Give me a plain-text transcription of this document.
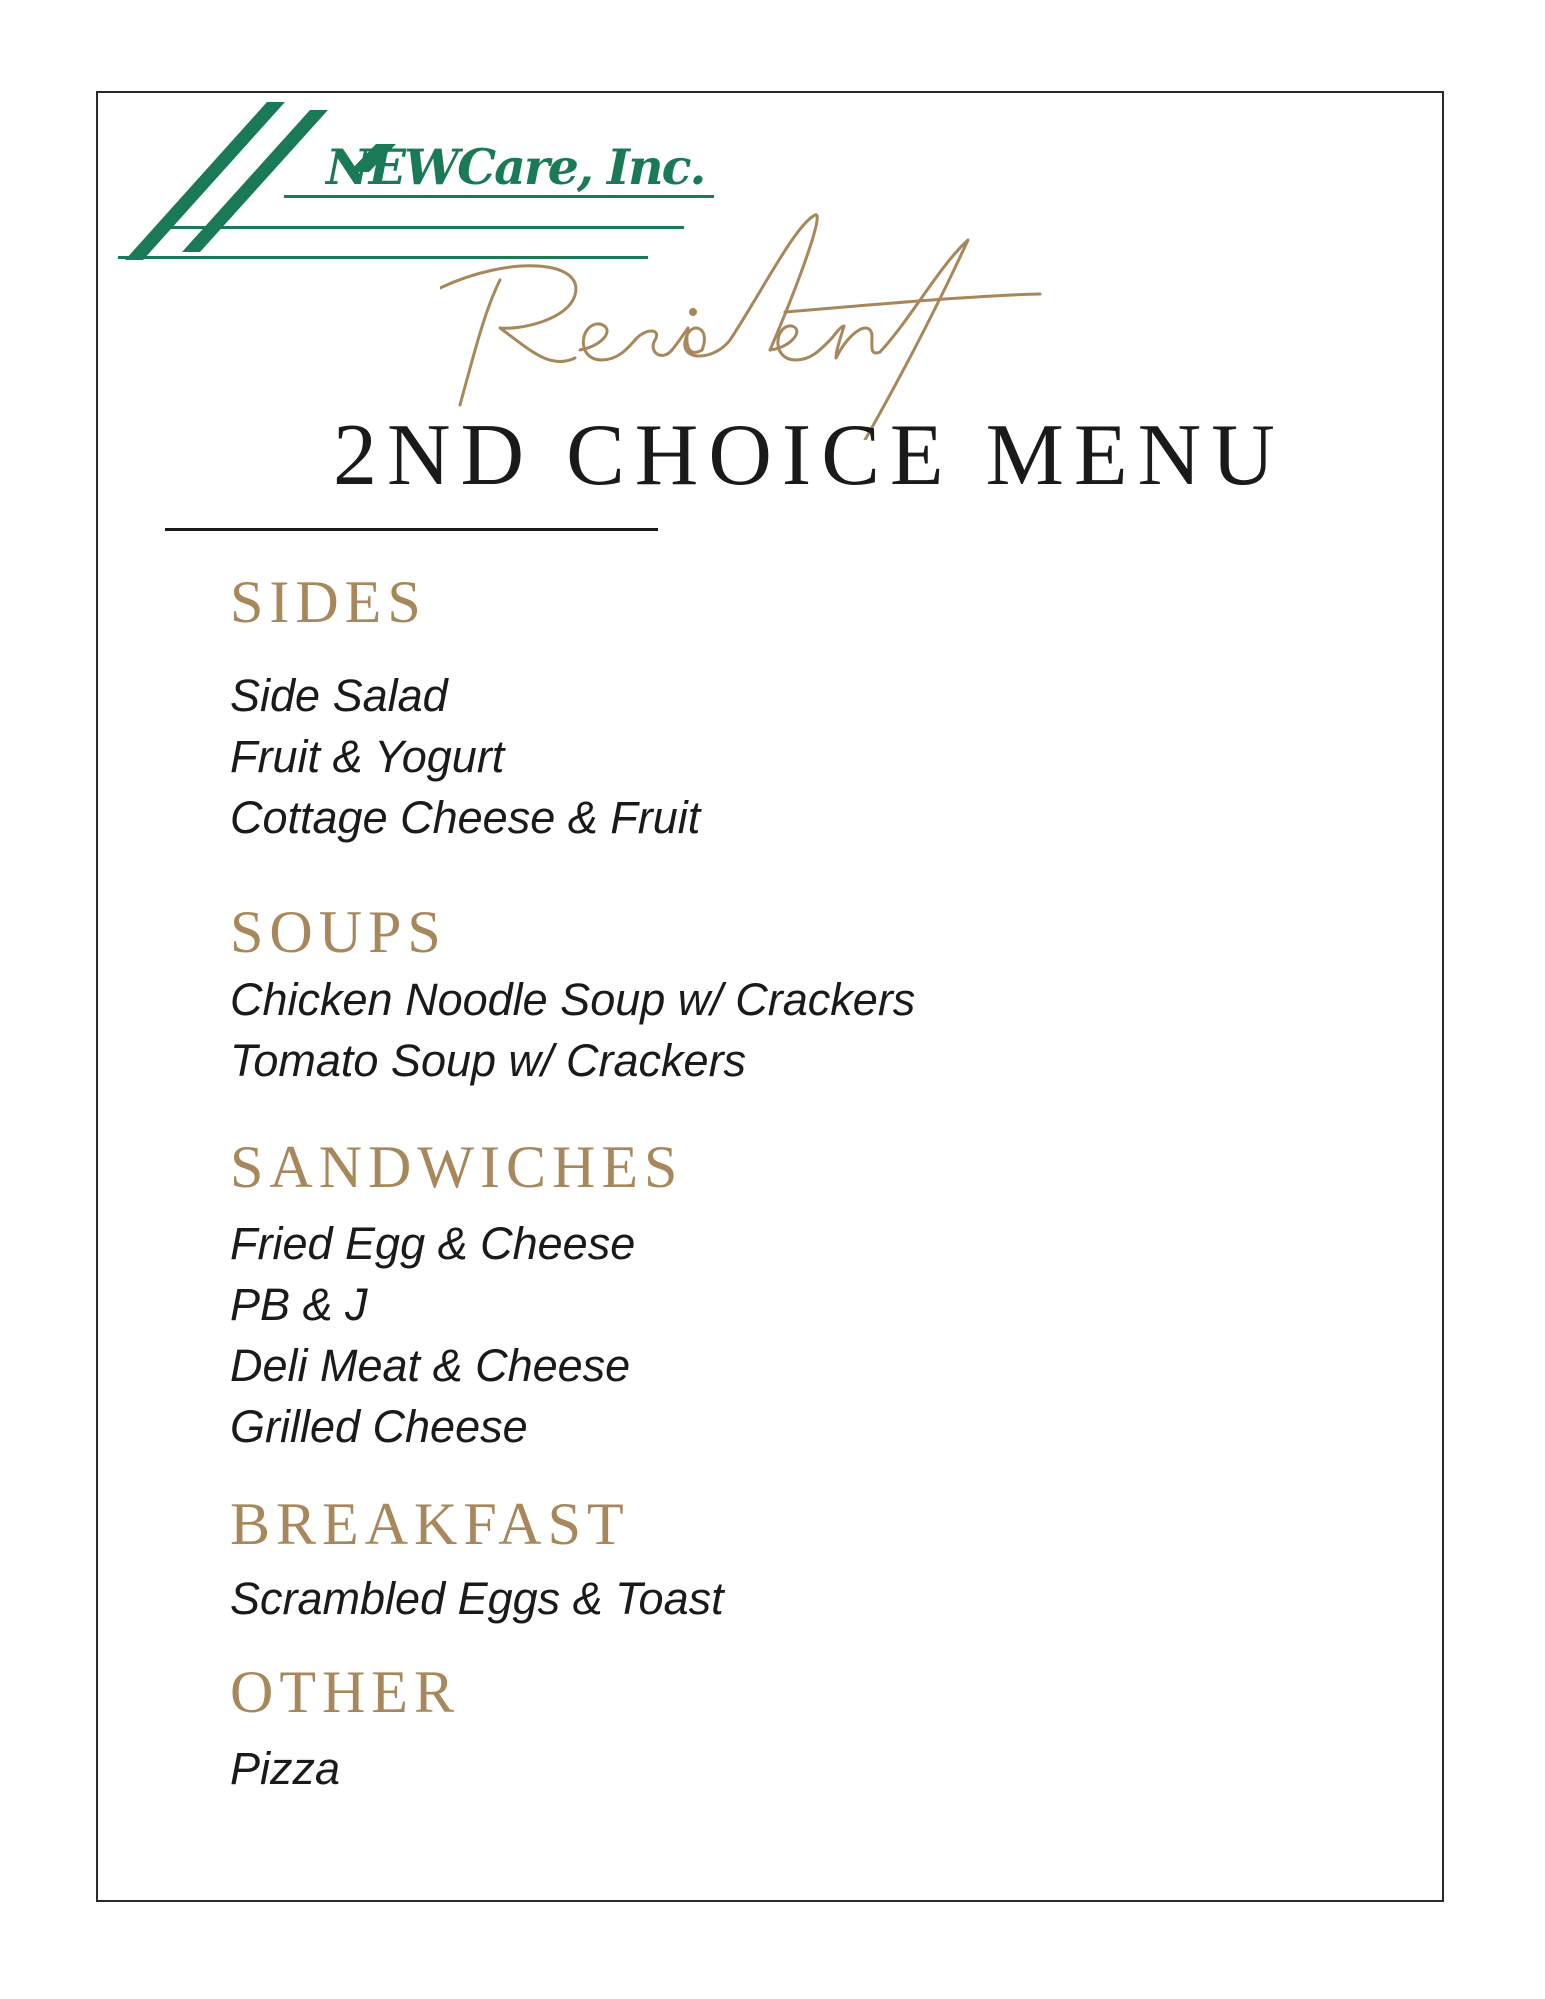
NEWCare, Inc.
2ND CHOICE MENU
SIDES
Side Salad
Fruit & Yogurt
Cottage Cheese & Fruit
SOUPS
Chicken Noodle Soup w/ Crackers
Tomato Soup w/ Crackers
SANDWICHES
Fried Egg & Cheese
PB & J
Deli Meat & Cheese
Grilled Cheese
BREAKFAST
Scrambled Eggs & Toast
OTHER
Pizza
